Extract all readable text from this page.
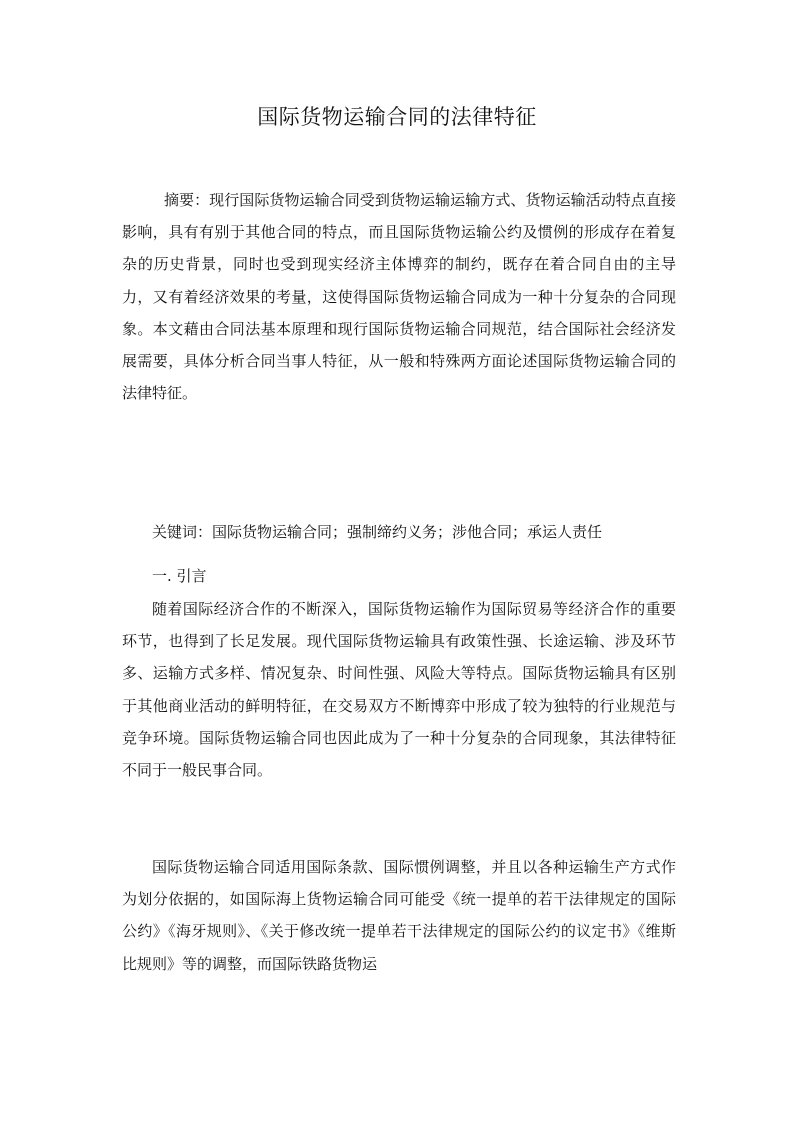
国际货物运输合同的法律特征

摘要：现行国际货物运输合同受到货物运输运输方式、货物运输活动特点直接影响，具有有别于其他合同的特点，而且国际货物运输公约及惯例的形成存在着复杂的历史背景，同时也受到现实经济主体博弈的制约，既存在着合同自由的主导力，又有着经济效果的考量，这使得国际货物运输合同成为一种十分复杂的合同现象。本文藉由合同法基本原理和现行国际货物运输合同规范，结合国际社会经济发展需要，具体分析合同当事人特征，从一般和特殊两方面论述国际货物运输合同的法律特征。

关键词：国际货物运输合同；强制缔约义务；涉他合同；承运人责任

一. 引言

随着国际经济合作的不断深入，国际货物运输作为国际贸易等经济合作的重要环节，也得到了长足发展。现代国际货物运输具有政策性强、长途运输、涉及环节多、运输方式多样、情况复杂、时间性强、风险大等特点。国际货物运输具有区别于其他商业活动的鲜明特征，在交易双方不断博弈中形成了较为独特的行业规范与竞争环境。国际货物运输合同也因此成为了一种十分复杂的合同现象，其法律特征不同于一般民事合同。

国际货物运输合同适用国际条款、国际惯例调整，并且以各种运输生产方式作为划分依据的，如国际海上货物运输合同可能受《统一提单的若干法律规定的国际公约》《海牙规则》、《关于修改统一提单若干法律规定的国际公约的议定书》《维斯比规则》等的调整，而国际铁路货物运
